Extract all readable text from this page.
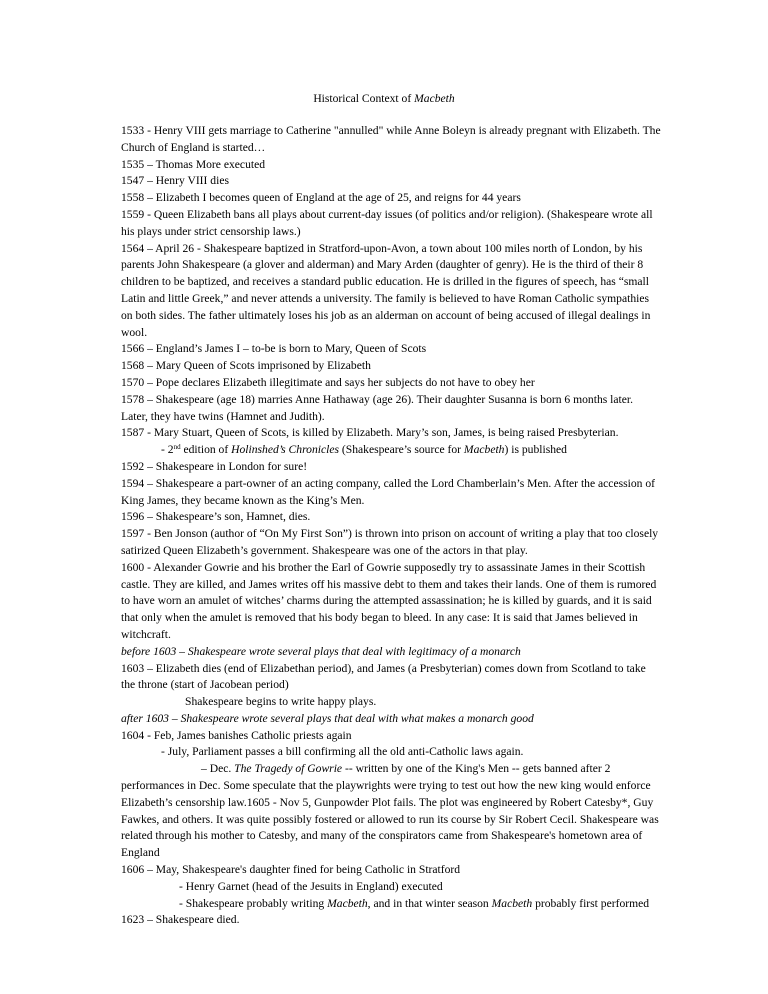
Historical Context of Macbeth

1533 - Henry VIII gets marriage to Catherine "annulled" while Anne Boleyn is already pregnant with Elizabeth. The Church of England is started…

1535 – Thomas More executed

1547 – Henry VIII dies

1558 – Elizabeth I becomes queen of England at the age of 25, and reigns for 44 years

1559 - Queen Elizabeth bans all plays about current-day issues (of politics and/or religion). (Shakespeare wrote all his plays under strict censorship laws.)

1564 – April 26 - Shakespeare baptized in Stratford-upon-Avon, a town about 100 miles north of London, by his parents John Shakespeare (a glover and alderman) and Mary Arden (daughter of genry). He is the third of their 8 children to be baptized, and receives a standard public education. He is drilled in the figures of speech, has “small Latin and little Greek,” and never attends a university. The family is believed to have Roman Catholic sympathies on both sides. The father ultimately loses his job as an alderman on account of being accused of illegal dealings in wool.

1566 – England’s James I – to-be is born to Mary, Queen of Scots

1568 – Mary Queen of Scots imprisoned by Elizabeth

1570 – Pope declares Elizabeth illegitimate and says her subjects do not have to obey her

1578 – Shakespeare (age 18) marries Anne Hathaway (age 26). Their daughter Susanna is born 6 months later. Later, they have twins (Hamnet and Judith).

1587 - Mary Stuart, Queen of Scots, is killed by Elizabeth. Mary’s son, James, is being raised Presbyterian.

- 2nd edition of Holinshed’s Chronicles (Shakespeare’s source for Macbeth) is published

1592 – Shakespeare in London for sure!

1594 – Shakespeare a part-owner of an acting company, called the Lord Chamberlain’s Men. After the accession of King James, they became known as the King’s Men.

1596 – Shakespeare’s son, Hamnet, dies.

1597 - Ben Jonson (author of “On My First Son”) is thrown into prison on account of writing a play that too closely satirized Queen Elizabeth’s government. Shakespeare was one of the actors in that play.

1600 - Alexander Gowrie and his brother the Earl of Gowrie supposedly try to assassinate James in their Scottish castle. They are killed, and James writes off his massive debt to them and takes their lands. One of them is rumored to have worn an amulet of witches’ charms during the attempted assassination; he is killed by guards, and it is said that only when the amulet is removed that his body began to bleed. In any case: It is said that James believed in witchcraft.

before 1603 – Shakespeare wrote several plays that deal with legitimacy of a monarch

1603 – Elizabeth dies (end of Elizabethan period), and James (a Presbyterian) comes down from Scotland to take the throne (start of Jacobean period)

Shakespeare begins to write happy plays.

after 1603 – Shakespeare wrote several plays that deal with what makes a monarch good

1604 - Feb, James banishes Catholic priests again

- July, Parliament passes a bill confirming all the old anti-Catholic laws again.

– Dec. The Tragedy of Gowrie -- written by one of the King's Men -- gets banned after 2 performances in Dec. Some speculate that the playwrights were trying to test out how the new king would enforce Elizabeth’s censorship law.1605 - Nov 5, Gunpowder Plot fails. The plot was engineered by Robert Catesby*, Guy Fawkes, and others. It was quite possibly fostered or allowed to run its course by Sir Robert Cecil. Shakespeare was related through his mother to Catesby, and many of the conspirators came from Shakespeare's hometown area of England

1606 – May, Shakespeare's daughter fined for being Catholic in Stratford

- Henry Garnet (head of the Jesuits in England) executed

- Shakespeare probably writing Macbeth, and in that winter season Macbeth probably first performed

1623 – Shakespeare died.
